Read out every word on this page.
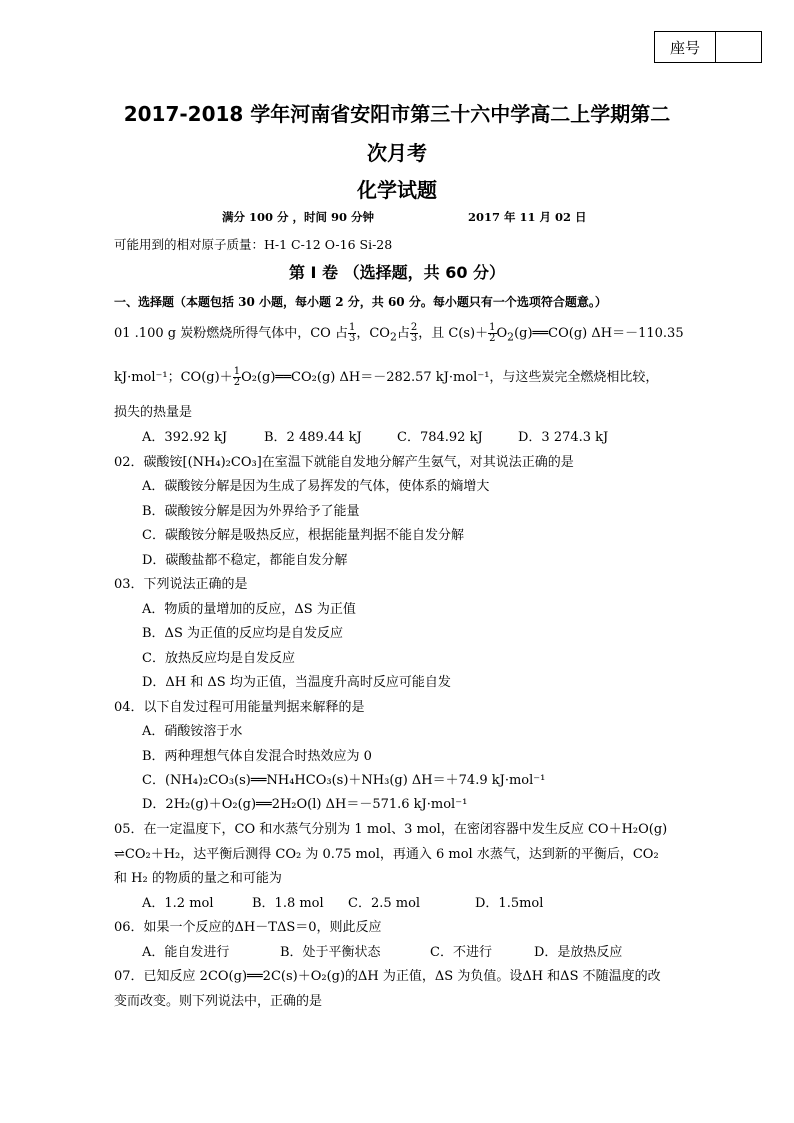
座号
2017-2018 学年河南省安阳市第三十六中学高二上学期第二
次月考
化学试题
满分 100 分 ，时间 90 分钟	2017 年 11 月 02 日
可能用到的相对原子质量：H-1 C-12 O-16 Si-28
第 I 卷 （选择题，共 60 分）
一、选择题（本题包括 30 小题，每小题 2 分，共 60 分。每小题只有一个选项符合题意。）
01 .100 g 炭粉燃烧所得气体中，CO 占 $\frac{1}{3}$ ，$CO_2$占 $\frac{2}{3}$ ，且 $C(s)+ \frac{1}{2}$ $O_2(g)══CO(g)$ ΔH＝－110.35
kJ·mol⁻¹；$CO(g)+ \frac{1}{2}$ O₂(g)══CO₂(g) ΔH＝－282.57 kJ·mol⁻¹，与这些炭完全燃烧相比较，
损失的热量是
A．392.92 kJ	B．2 489.44 kJ	C．784.92 kJ	D．3 274.3 kJ
02．碳酸铵[(NH₄)₂CO₃]在室温下就能自发地分解产生氨气，对其说法正确的是
A．碳酸铵分解是因为生成了易挥发的气体，使体系的熵增大
B．碳酸铵分解是因为外界给予了能量
C．碳酸铵分解是吸热反应，根据能量判据不能自发分解
D．碳酸盐都不稳定，都能自发分解
03．下列说法正确的是
A．物质的量增加的反应，ΔS 为正值
B．ΔS 为正值的反应均是自发反应
C．放热反应均是自发反应
D．ΔH 和 ΔS 均为正值，当温度升高时反应可能自发
04．以下自发过程可用能量判据来解释的是
A．硝酸铵溶于水
B．两种理想气体自发混合时热效应为 0
C．(NH₄)₂CO₃(s)══NH₄HCO₃(s)＋NH₃(g) ΔH＝＋74.9 kJ·mol⁻¹
D．2H₂(g)＋O₂(g)══2H₂O(l) ΔH＝－571.6 kJ·mol⁻¹
05．在一定温度下，CO 和水蒸气分别为 1 mol、3 mol，在密闭容器中发生反应 CO＋H₂O(g)
⇌CO₂＋H₂，达平衡后测得 CO₂ 为 0.75 mol，再通入 6 mol 水蒸气，达到新的平衡后，CO₂
和 H₂ 的物质的量之和可能为
A．1.2 mol	B．1.8 mol C．2.5 mol	D．1.5mol
06．如果一个反应的ΔH－TΔS＝0，则此反应
A．能自发进行	B．处于平衡状态	C．不进行	D．是放热反应
07．已知反应 2CO(g)══2C(s)＋O₂(g)的ΔH 为正值，ΔS 为负值。设ΔH 和ΔS 不随温度的改
变而改变。则下列说法中，正确的是
